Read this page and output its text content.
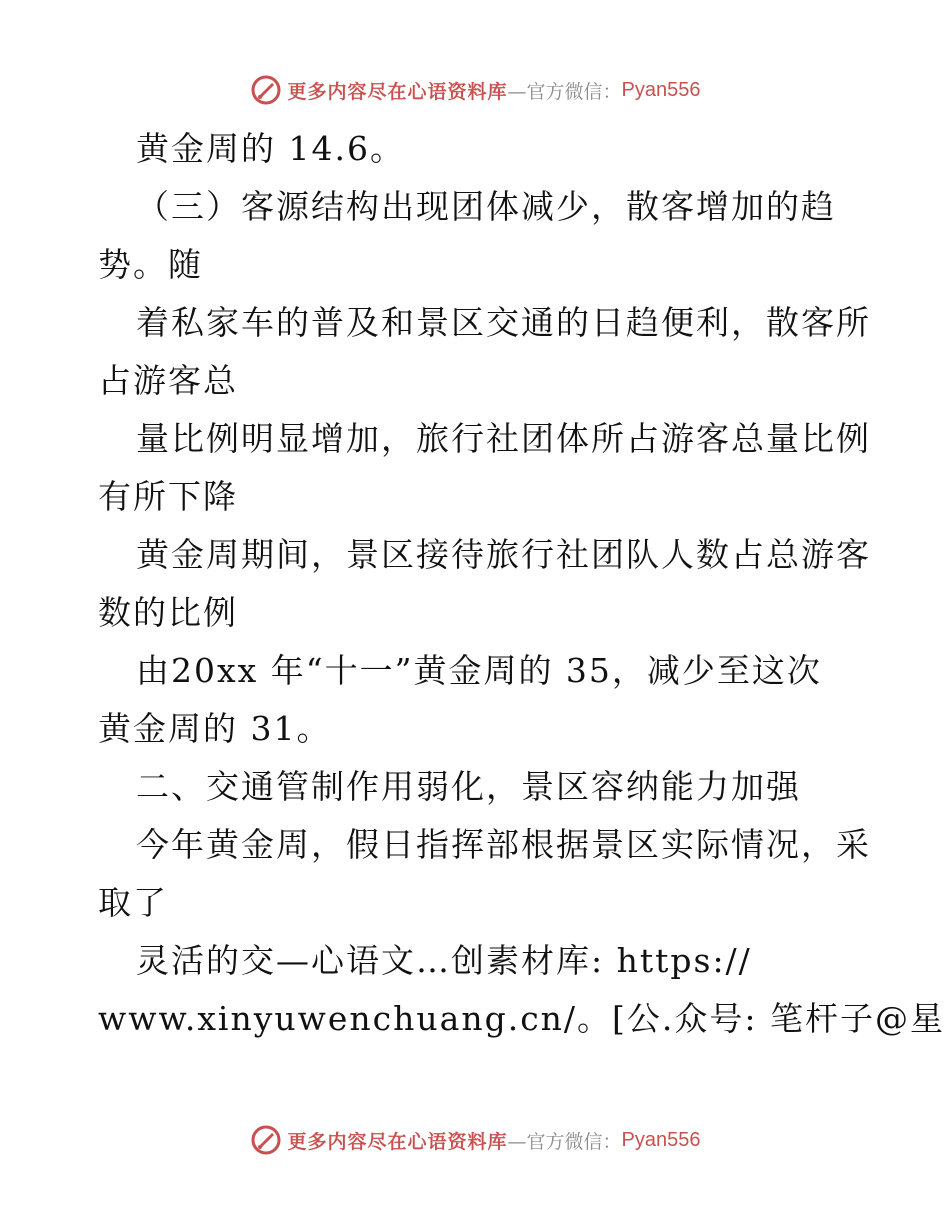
更多内容尽在心语资料库 —官方微信： Pyan556
黄金周的 14.6。
（三）客源结构出现团体减少，散客增加的趋
势。随
着私家车的普及和景区交通的日趋便利，散客所
占游客总
量比例明显增加，旅行社团体所占游客总量比例
有所下降
黄金周期间，景区接待旅行社团队人数占总游客
数的比例
由20xx 年“十一”黄金周的 35，减少至这次
黄金周的 31。
二、交通管制作用弱化，景区容纳能力加强
今年黄金周，假日指挥部根据景区实际情况，采
取了
灵活的交—心语文…创素材库: https://
www.xinyuwenchuang.cn/。[公.众号: 笔杆子@星
更多内容尽在心语资料库 —官方微信： Pyan556
